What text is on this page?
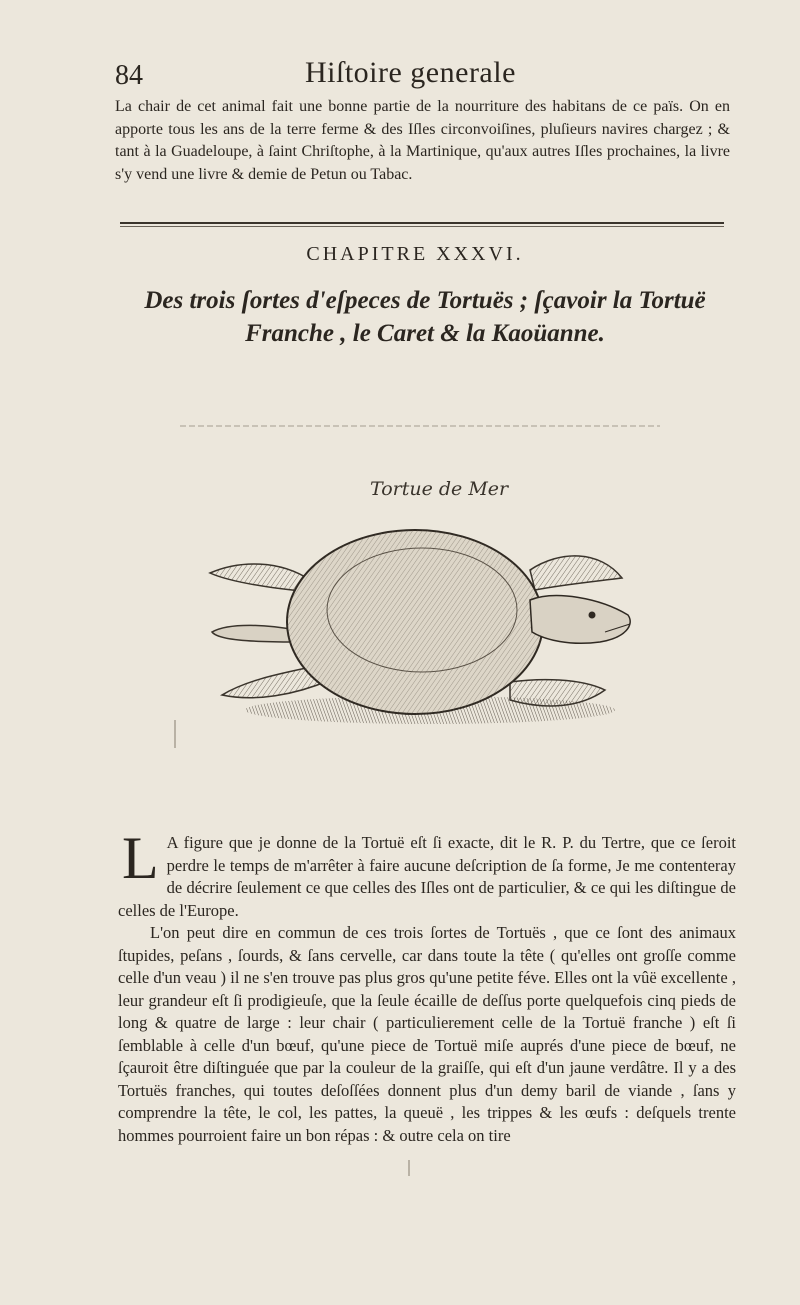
84	Hiſtoire generale

La chair de cet animal fait une bonne partie de la nourriture des habitans de ce païs. On en apporte tous les ans de la terre ferme & des Iſles circonvoiſines, pluſieurs navires chargez ; & tant à la Guadeloupe, à ſaint Chriſtophe, à la Martinique, qu'aux autres Iſles prochaines, la livre s'y vend une livre & demie de Petun ou Tabac.

CHAPITRE XXXVI.
Des trois ſortes d'eſpeces de Tortuës ; ſçavoir la Tortuë
Franche , le Caret & la Kaoüanne.
Tortue de Mer

L A figure que je donne de la Tortuë eſt ſi exacte, dit le R. P. du Tertre, que ce ſeroit perdre le temps de m'arrêter à faire aucune deſcription de ſa forme, Je me contenteray de décrire ſeulement ce que celles des Iſles ont de particulier, & ce qui les diſtingue de celles de l'Europe.

L'on peut dire en commun de ces trois ſortes de Tortuës , que ce ſont des animaux ſtupides, peſans , ſourds, & ſans cervelle, car dans toute la tête ( qu'elles ont groſſe comme celle d'un veau ) il ne s'en trouve pas plus gros qu'une petite féve. Elles ont la vûë excellente , leur grandeur eſt ſi prodigieuſe, que la ſeule écaille de deſſus porte quelquefois cinq pieds de long & quatre de large : leur chair ( particulierement celle de la Tortuë franche ) eſt ſi ſemblable à celle d'un bœuf, qu'une piece de Tortuë miſe auprés d'une piece de bœuf, ne ſçauroit être diſtinguée que par la couleur de la graiſſe, qui eſt d'un jaune verdâtre. Il y a des Tortuës franches, qui toutes deſoſſées donnent plus d'un demy baril de viande , ſans y comprendre la tête, le col, les pattes, la queuë , les trippes & les œufs : deſquels trente hommes pourroient faire un bon répas : & outre cela on tire
